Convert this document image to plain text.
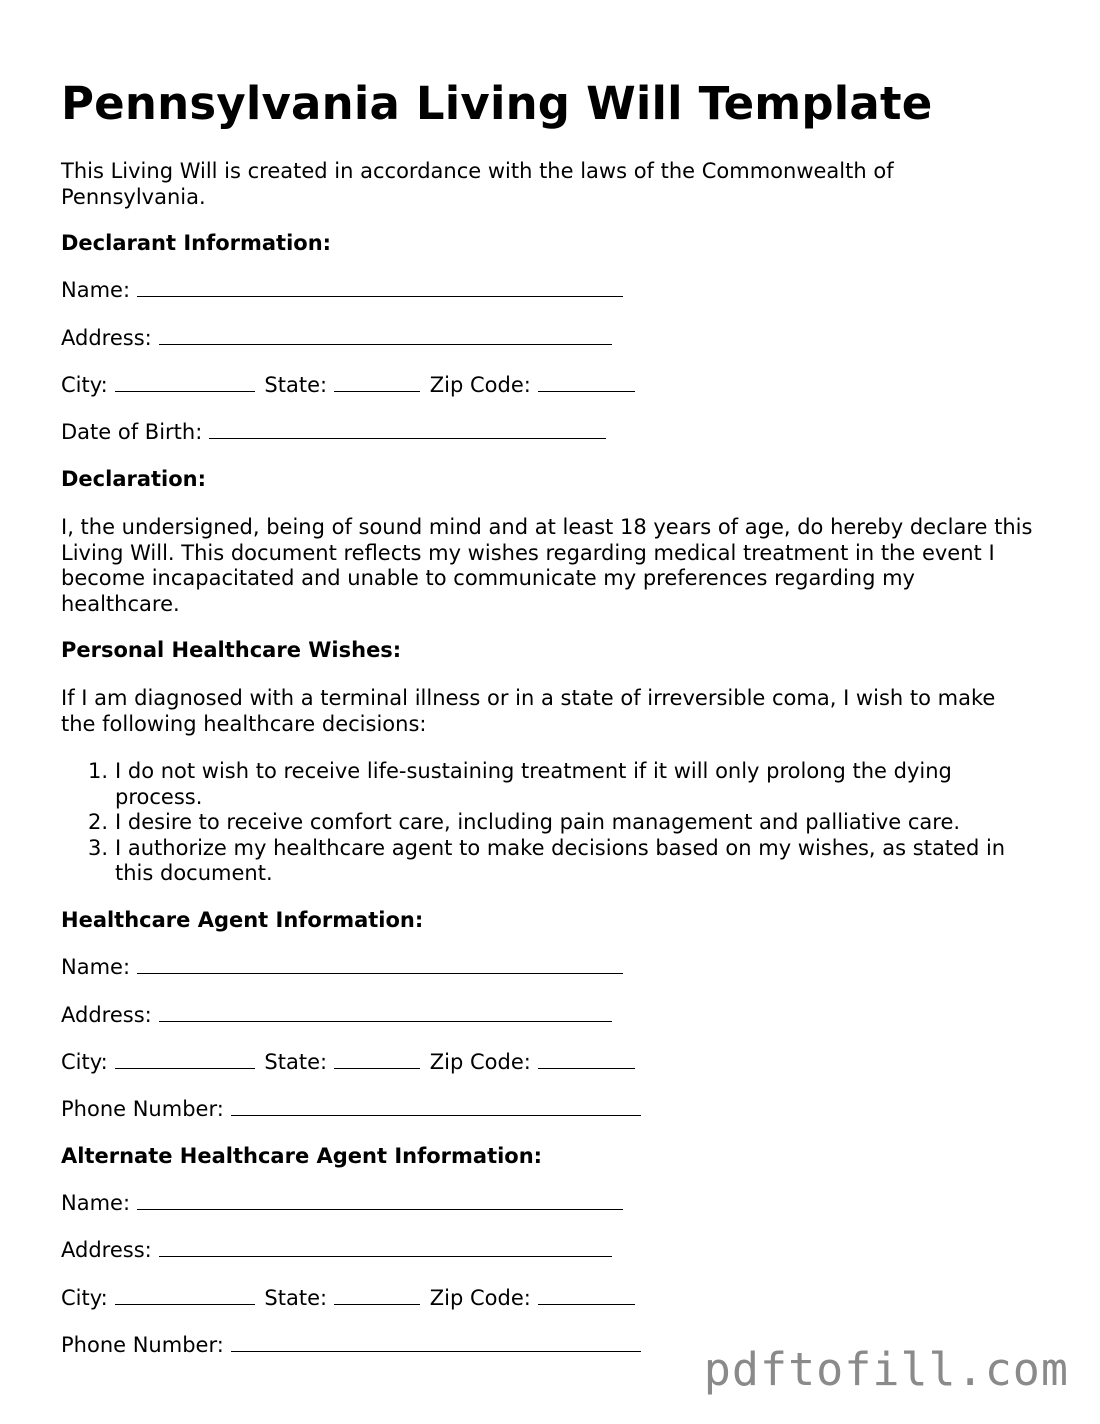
Pennsylvania Living Will Template
This Living Will is created in accordance with the laws of the Commonwealth of Pennsylvania.
Declarant Information:
Name:
Address:
City:	State:	Zip Code:
Date of Birth:
Declaration:
I, the undersigned, being of sound mind and at least 18 years of age, do hereby declare this Living Will. This document reflects my wishes regarding medical treatment in the event I become incapacitated and unable to communicate my preferences regarding my healthcare.
Personal Healthcare Wishes:
If I am diagnosed with a terminal illness or in a state of irreversible coma, I wish to make the following healthcare decisions:
1. I do not wish to receive life-sustaining treatment if it will only prolong the dying process.
2. I desire to receive comfort care, including pain management and palliative care.
3. I authorize my healthcare agent to make decisions based on my wishes, as stated in this document.
Healthcare Agent Information:
Name:
Address:
City:	State:	Zip Code:
Phone Number:
Alternate Healthcare Agent Information:
Name:
Address:
City:	State:	Zip Code:
Phone Number:	pdftofill.com
